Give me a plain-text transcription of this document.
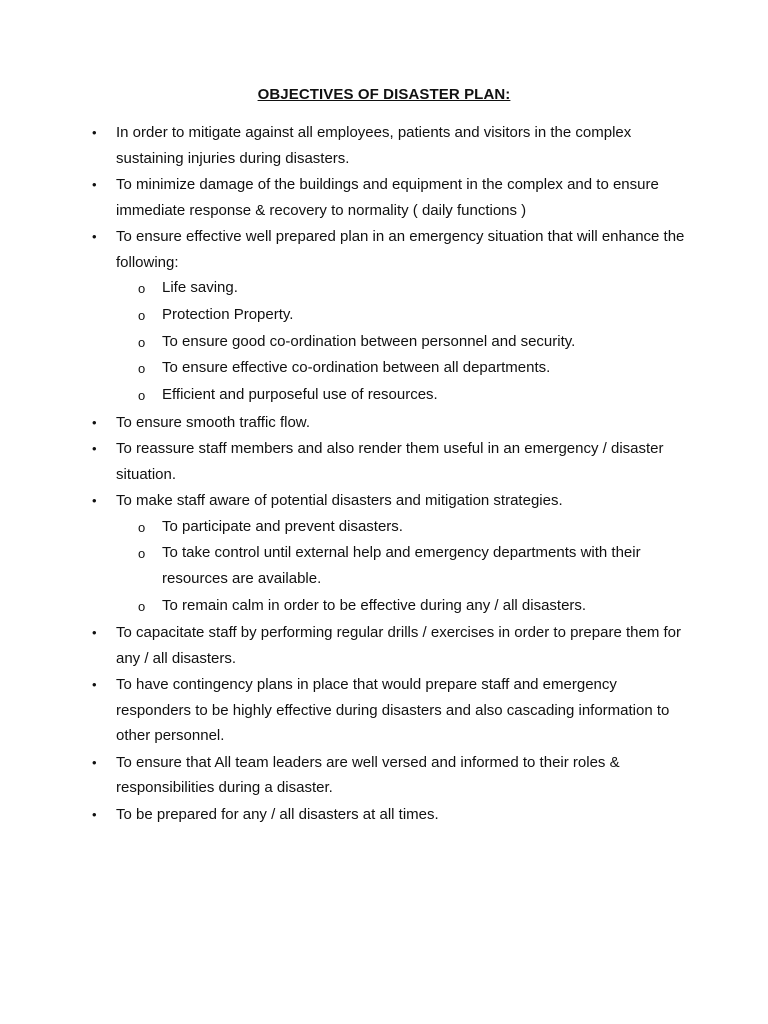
OBJECTIVES OF DISASTER PLAN:
•	In order to mitigate against all employees, patients and visitors in the complex sustaining injuries during disasters.
•	To minimize damage of the buildings and equipment in the complex and to ensure immediate response & recovery to normality ( daily functions )
•	To ensure effective well prepared plan in an emergency situation that will enhance the following:
o Life saving.
o Protection Property.
o To ensure good co-ordination between personnel and security.
o To ensure effective co-ordination between all departments.
o Efficient and purposeful use of resources.
•	To ensure smooth traffic flow.
•	To reassure staff members and also render them useful in an emergency / disaster situation.
•	To make staff aware of potential disasters and mitigation strategies.
o To participate and prevent disasters.
o To take control until external help and emergency departments with their resources are available.
o To remain calm in order to be effective during any / all disasters.
•	To capacitate staff by performing regular drills / exercises in order to prepare them for any / all disasters.
•	To have contingency plans in place that would prepare staff and emergency responders to be highly effective during disasters and also cascading information to other personnel.
•	To ensure that All team leaders are well versed and informed to their roles & responsibilities during a disaster.
•	To be prepared for any / all disasters at all times.
